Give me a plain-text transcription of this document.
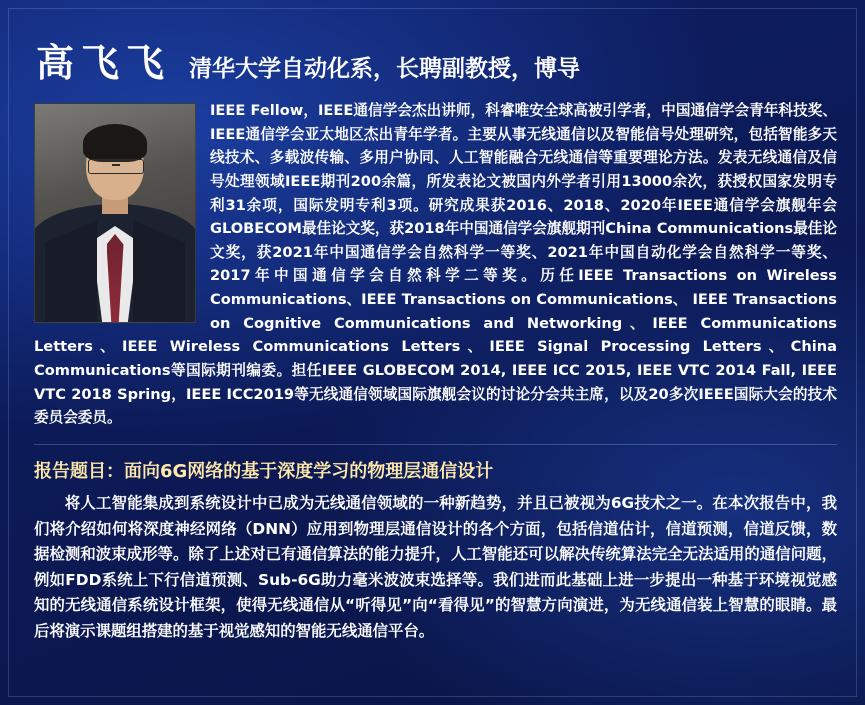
高飞飞 清华大学自动化系，长聘副教授，博导

IEEE Fellow，IEEE通信学会杰出讲师，科睿唯安全球高被引学者，中国通信学会青年科技奖、IEEE通信学会亚太地区杰出青年学者。主要从事无线通信以及智能信号处理研究，包括智能多天线技术、多载波传输、多用户协同、人工智能融合无线通信等重要理论方法。发表无线通信及信号处理领域IEEE期刊200余篇，所发表论文被国内外学者引用13000余次，获授权国家发明专利31余项，国际发明专利3项。研究成果获2016、2018、2020年IEEE通信学会旗舰年会GLOBECOM最佳论文奖，获2018年中国通信学会旗舰期刊China Communications最佳论文奖，获2021年中国通信学会自然科学一等奖、2021年中国自动化学会自然科学一等奖、2017年中国通信学会自然科学二等奖。历任IEEE Transactions on Wireless Communications、IEEE Transactions on Communications、 IEEE Transactions on Cognitive Communications and Networking、IEEE Communications Letters、IEEE Wireless Communications Letters、IEEE Signal Processing Letters、China Communications等国际期刊编委。担任IEEE GLOBECOM 2014, IEEE ICC 2015, IEEE VTC 2014 Fall, IEEE VTC 2018 Spring，IEEE ICC2019等无线通信领域国际旗舰会议的讨论分会共主席，以及20多次IEEE国际大会的技术委员会委员。

报告题目：面向6G网络的基于深度学习的物理层通信设计

将人工智能集成到系统设计中已成为无线通信领域的一种新趋势，并且已被视为6G技术之一。在本次报告中，我们将介绍如何将深度神经网络（DNN）应用到物理层通信设计的各个方面，包括信道估计，信道预测，信道反馈，数据检测和波束成形等。除了上述对已有通信算法的能力提升，人工智能还可以解决传统算法完全无法适用的通信问题，例如FDD系统上下行信道预测、Sub-6G助力毫米波波束选择等。我们进而此基础上进一步提出一种基于环境视觉感知的无线通信系统设计框架，使得无线通信从“听得见”向“看得见”的智慧方向演进，为无线通信装上智慧的眼睛。最后将演示课题组搭建的基于视觉感知的智能无线通信平台。
